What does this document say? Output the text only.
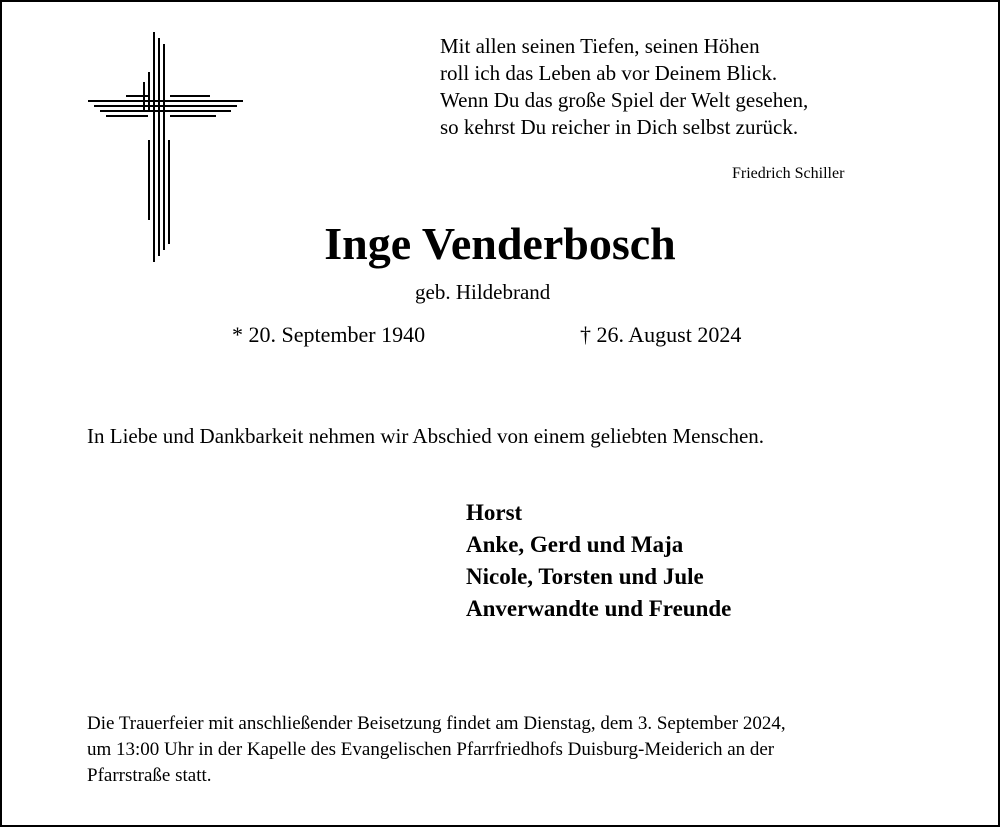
Mit allen seinen Tiefen, seinen Höhen
roll ich das Leben ab vor Deinem Blick.
Wenn Du das große Spiel der Welt gesehen,
so kehrst Du reicher in Dich selbst zurück.
Friedrich Schiller
Inge Venderbosch
geb. Hildebrand
* 20. September 1940	† 26. August 2024
In Liebe und Dankbarkeit nehmen wir Abschied von einem geliebten Menschen.
Horst
Anke, Gerd und Maja
Nicole, Torsten und Jule
Anverwandte und Freunde
Die Trauerfeier mit anschließender Beisetzung findet am Dienstag, dem 3. September 2024,
um 13:00 Uhr in der Kapelle des Evangelischen Pfarrfriedhofs Duisburg-Meiderich an der
Pfarrstraße statt.
